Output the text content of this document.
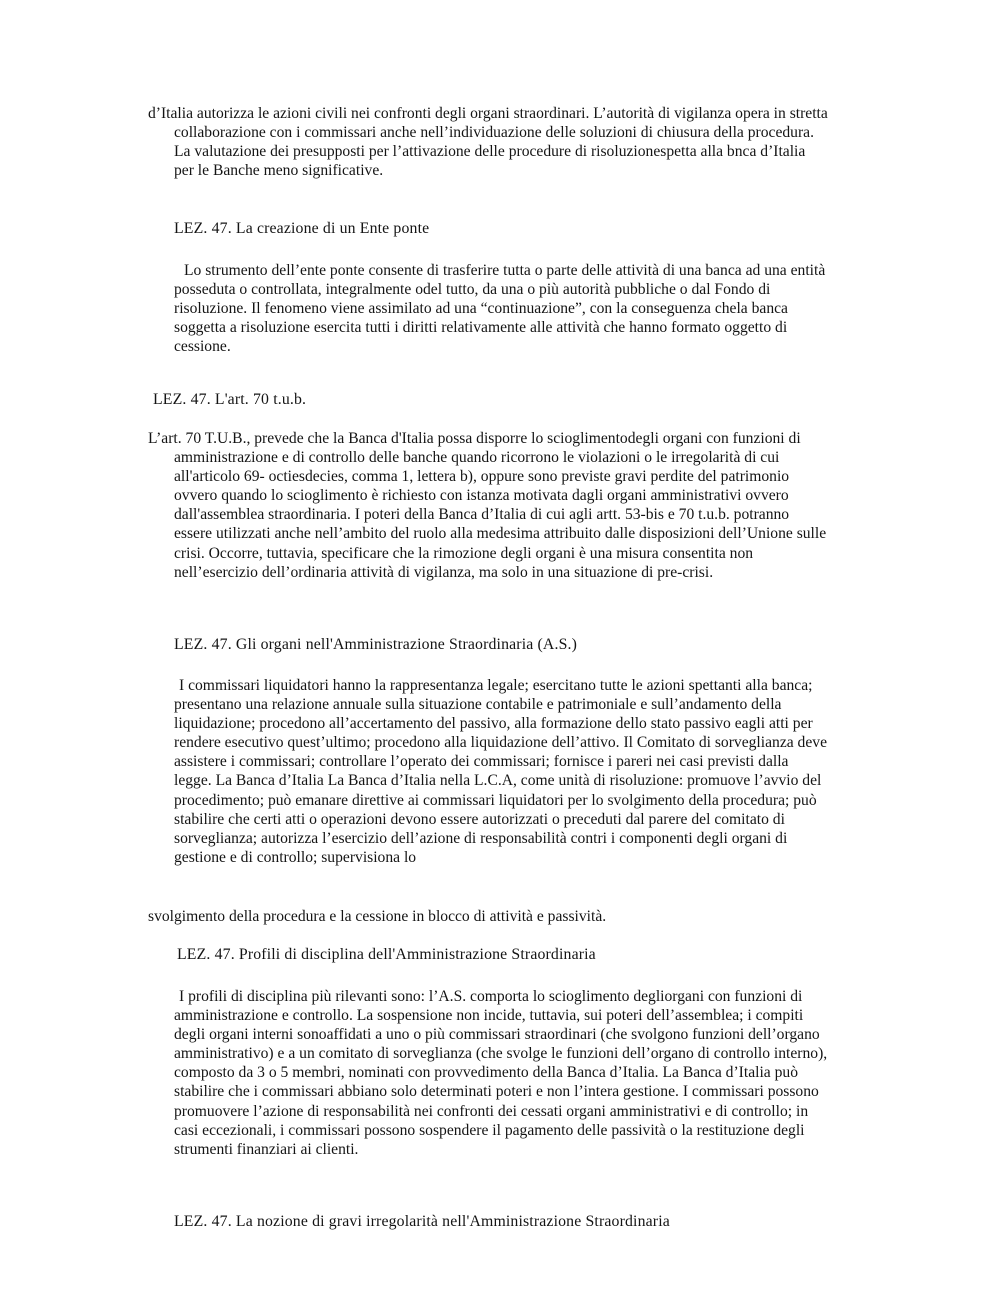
d’Italia autorizza le azioni civili nei confronti degli organi straordinari. L’autorità di vigilanza opera in stretta collaborazione con i commissari anche nell’individuazione delle soluzioni di chiusura della procedura. La valutazione dei presupposti per l’attivazione delle procedure di risoluzionespetta alla bnca d’Italia per le Banche meno significative.

LEZ. 47. La creazione di un Ente ponte

Lo strumento dell’ente ponte consente di trasferire tutta o parte delle attività di una banca ad una entità posseduta o controllata, integralmente odel tutto, da una o più autorità pubbliche o dal Fondo di risoluzione. Il fenomeno viene assimilato ad una “continuazione”, con la conseguenza chela banca soggetta a risoluzione esercita tutti i diritti relativamente alle attività che hanno formato oggetto di cessione.

LEZ. 47. L'art. 70 t.u.b.

L’art. 70 T.U.B., prevede che la Banca d'Italia possa disporre lo scioglimentodegli organi con funzioni di amministrazione e di controllo delle banche quando ricorrono le violazioni o le irregolarità di cui all'articolo 69- octiesdecies, comma 1, lettera b), oppure sono previste gravi perdite del patrimonio ovvero quando lo scioglimento è richiesto con istanza motivata dagli organi amministrativi ovvero dall'assemblea straordinaria. I poteri della Banca d’Italia di cui agli artt. 53-bis e 70 t.u.b. potranno essere utilizzati anche nell’ambito del ruolo alla medesima attribuito dalle disposizioni dell’Unione sulle crisi. Occorre, tuttavia, specificare che la rimozione degli organi è una misura consentita non nell’esercizio dell’ordinaria attività di vigilanza, ma solo in una situazione di pre-crisi.

LEZ. 47. Gli organi nell'Amministrazione Straordinaria (A.S.)

I commissari liquidatori hanno la rappresentanza legale; esercitano tutte le azioni spettanti alla banca; presentano una relazione annuale sulla situazione contabile e patrimoniale e sull’andamento della liquidazione; procedono all’accertamento del passivo, alla formazione dello stato passivo eagli atti per rendere esecutivo quest’ultimo; procedono alla liquidazione dell’attivo. Il Comitato di sorveglianza deve assistere i commissari; controllare l’operato dei commissari; fornisce i pareri nei casi previsti dalla legge. La Banca d’Italia La Banca d’Italia nella L.C.A, come unità di risoluzione: promuove l’avvio del procedimento; può emanare direttive ai commissari liquidatori per lo svolgimento della procedura; può stabilire che certi atti o operazioni devono essere autorizzati o preceduti dal parere del comitato di sorveglianza; autorizza l’esercizio dell’azione di responsabilità contri i componenti degli organi di gestione e di controllo; supervisiona lo

svolgimento della procedura e la cessione in blocco di attività e passività.

LEZ. 47. Profili di disciplina dell'Amministrazione Straordinaria

I profili di disciplina più rilevanti sono: l’A.S. comporta lo scioglimento degliorgani con funzioni di amministrazione e controllo. La sospensione non incide, tuttavia, sui poteri dell’assemblea; i compiti degli organi interni sonoaffidati a uno o più commissari straordinari (che svolgono funzioni dell’organo amministrativo) e a un comitato di sorveglianza (che svolge le funzioni dell’organo di controllo interno), composto da 3 o 5 membri, nominati con provvedimento della Banca d’Italia. La Banca d’Italia può stabilire che i commissari abbiano solo determinati poteri e non l’intera gestione. I commissari possono promuovere l’azione di responsabilità nei confronti dei cessati organi amministrativi e di controllo; in casi eccezionali, i commissari possono sospendere il pagamento delle passività o la restituzione degli strumenti finanziari ai clienti.

LEZ. 47. La nozione di gravi irregolarità nell'Amministrazione Straordinaria
